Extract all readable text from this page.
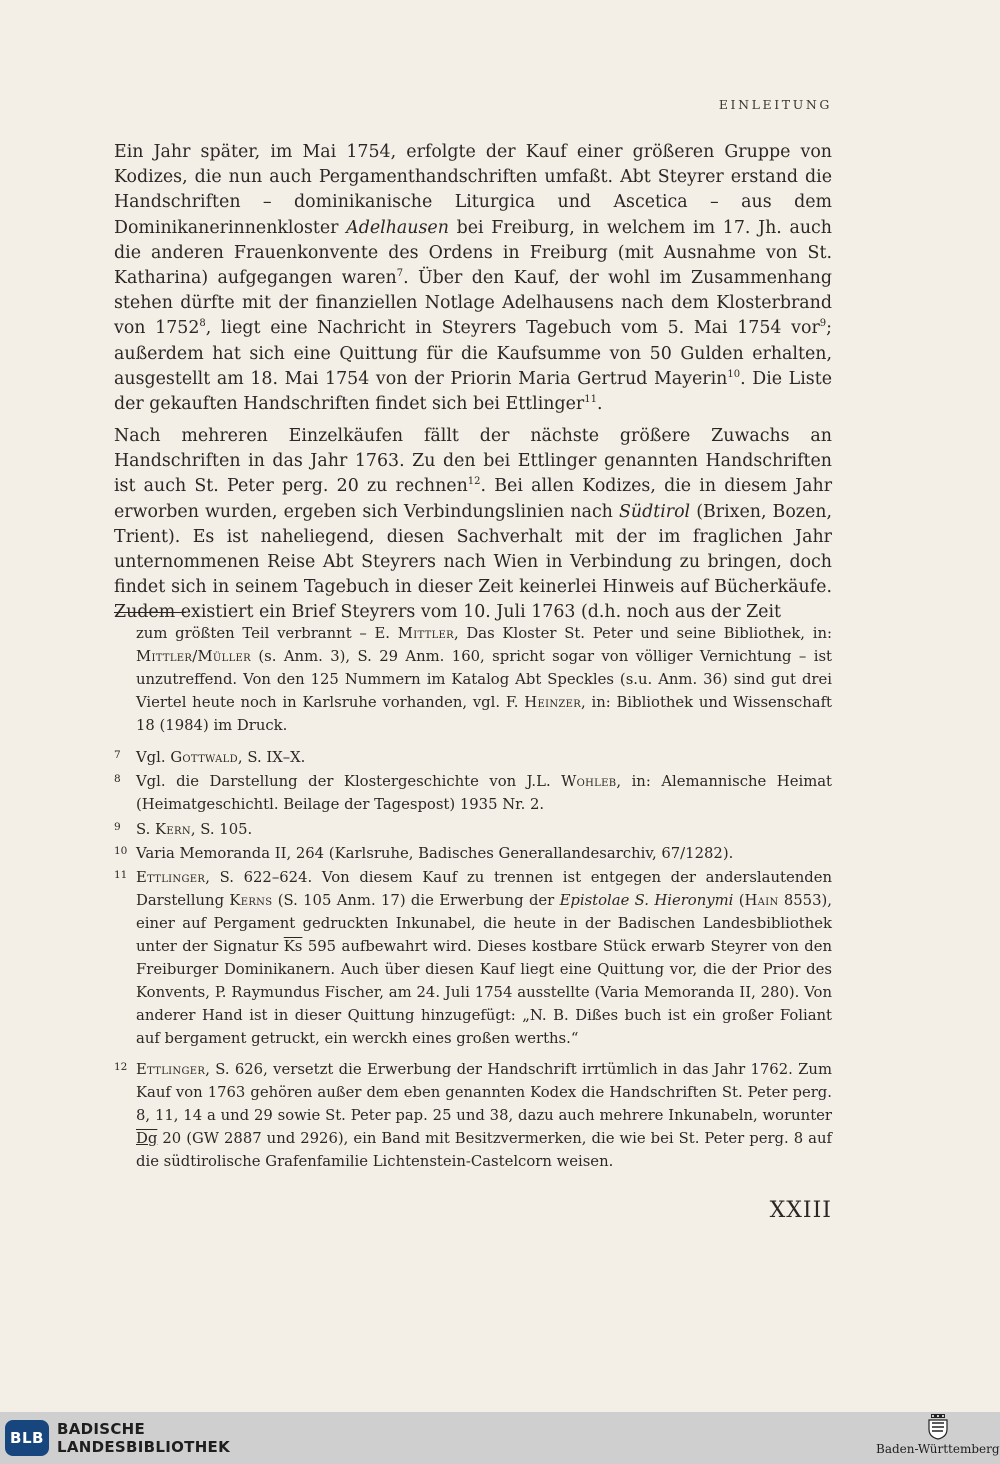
EINLEITUNG

Ein Jahr später, im Mai 1754, erfolgte der Kauf einer größeren Gruppe von Kodizes, die nun auch Pergamenthandschriften umfaßt. Abt Steyrer erstand die Handschriften – dominikanische Liturgica und Ascetica – aus dem Dominikanerinnenkloster Adelhausen bei Freiburg, in welchem im 17. Jh. auch die anderen Frauenkonvente des Ordens in Freiburg (mit Ausnahme von St. Katharina) aufgegangen waren$^7$. Über den Kauf, der wohl im Zusammenhang stehen dürfte mit der finanziellen Notlage Adelhausens nach dem Klosterbrand von 1752$^8$, liegt eine Nachricht in Steyrers Tagebuch vom 5. Mai 1754 vor$^9$; außerdem hat sich eine Quittung für die Kaufsumme von 50 Gulden erhalten, ausgestellt am 18. Mai 1754 von der Priorin Maria Gertrud Mayerin$^{10}$. Die Liste der gekauften Handschriften findet sich bei Ettlinger$^{11}$.

Nach mehreren Einzelkäufen fällt der nächste größere Zuwachs an Handschriften in das Jahr 1763. Zu den bei Ettlinger genannten Handschriften ist auch St. Peter perg. 20 zu rechnen$^{12}$. Bei allen Kodizes, die in diesem Jahr erworben wurden, ergeben sich Verbindungslinien nach Südtirol (Brixen, Bozen, Trient). Es ist naheliegend, diesen Sachverhalt mit der im fraglichen Jahr unternommenen Reise Abt Steyrers nach Wien in Verbindung zu bringen, doch findet sich in seinem Tagebuch in dieser Zeit keinerlei Hinweis auf Bücherkäufe. Zudem existiert ein Brief Steyrers vom 10. Juli 1763 (d.h. noch aus der Zeit

zum größten Teil verbrannt – E. Mittler, Das Kloster St. Peter und seine Bibliothek, in: Mittler/Müller (s. Anm. 3), S. 29 Anm. 160, spricht sogar von völliger Vernichtung – ist unzutreffend. Von den 125 Nummern im Katalog Abt Speckles (s.u. Anm. 36) sind gut drei Viertel heute noch in Karlsruhe vorhanden, vgl. F. Heinzer, in: Bibliothek und Wissenschaft 18 (1984) im Druck.

7 Vgl. Gottwald, S. IX–X.

8 Vgl. die Darstellung der Klostergeschichte von J.L. Wohleb, in: Alemannische Heimat (Heimatgeschichtl. Beilage der Tagespost) 1935 Nr. 2.

9 S. Kern, S. 105.

10 Varia Memoranda II, 264 (Karlsruhe, Badisches Generallandesarchiv, 67/1282).

11 Ettlinger, S. 622–624. Von diesem Kauf zu trennen ist entgegen der anderslautenden Darstellung Kerns (S. 105 Anm. 17) die Erwerbung der Epistolae S. Hieronymi (Hain 8553), einer auf Pergament gedruckten Inkunabel, die heute in der Badischen Landesbibliothek unter der Signatur $\overline{Ks}$ 595 aufbewahrt wird. Dieses kostbare Stück erwarb Steyrer von den Freiburger Dominikanern. Auch über diesen Kauf liegt eine Quittung vor, die der Prior des Konvents, P. Raymundus Fischer, am 24. Juli 1754 ausstellte (Varia Memoranda II, 280). Von anderer Hand ist in dieser Quittung hinzugefügt: „N. B. Dißes buch ist ein großer Foliant auf bergament getruckt, ein werckh eines großen werths.“

12 Ettlinger, S. 626, versetzt die Erwerbung der Handschrift irrtümlich in das Jahr 1762. Zum Kauf von 1763 gehören außer dem eben genannten Kodex die Handschriften St. Peter perg. 8, 11, 14 a und 29 sowie St. Peter pap. 25 und 38, dazu auch mehrere Inkunabeln, worunter Dg 20 (GW 2887 und 2926), ein Band mit Besitzvermerken, die wie bei St. Peter perg. 8 auf die südtirolische Grafenfamilie Lichtenstein-Castelcorn weisen.

XXIII
BLB BADISCHE
LANDESBIBLIOTHEK	Baden-Württemberg
